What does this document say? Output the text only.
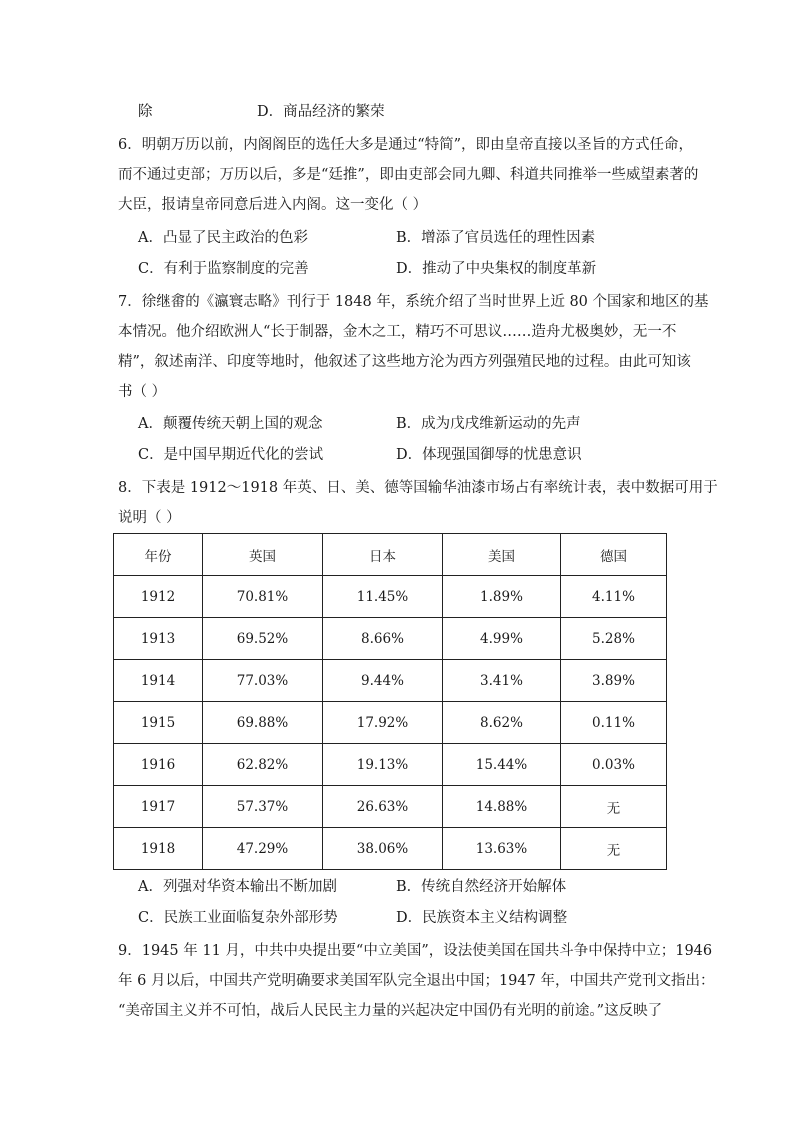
除	D．商品经济的繁荣
6．明朝万历以前，内阁阁臣的选任大多是通过“特简”，即由皇帝直接以圣旨的方式任命，
而不通过吏部；万历以后，多是“廷推”，即由吏部会同九卿、科道共同推举一些威望素著的
大臣，报请皇帝同意后进入内阁。这一变化（ ）
A．凸显了民主政治的色彩	B．增添了官员选任的理性因素
C．有利于监察制度的完善	D．推动了中央集权的制度革新
7．徐继畬的《瀛寰志略》刊行于 1848 年，系统介绍了当时世界上近 80 个国家和地区的基
本情况。他介绍欧洲人“长于制器，金木之工，精巧不可思议……造舟尤极奥妙，无一不
精”，叙述南洋、印度等地时，他叙述了这些地方沦为西方列强殖民地的过程。由此可知该
书（ ）
A．颠覆传统天朝上国的观念	B．成为戊戌维新运动的先声
C．是中国早期近代化的尝试	D．体现强国御辱的忧患意识
8．下表是 1912～1918 年英、日、美、德等国输华油漆市场占有率统计表，表中数据可用于
说明（ ）
年份	英国	日本	美国	德国
1912	70.81%	11.45%	1.89%	4.11%
1913	69.52%	8.66%	4.99%	5.28%
1914	77.03%	9.44%	3.41%	3.89%
1915	69.88%	17.92%	8.62%	0.11%
1916	62.82%	19.13%	15.44%	0.03%
1917	57.37%	26.63%	14.88%	无
1918	47.29%	38.06%	13.63%	无
A．列强对华资本输出不断加剧	B．传统自然经济开始解体
C．民族工业面临复杂外部形势	D．民族资本主义结构调整
9．1945 年 11 月，中共中央提出要“中立美国”，设法使美国在国共斗争中保持中立；1946
年 6 月以后，中国共产党明确要求美国军队完全退出中国；1947 年，中国共产党刊文指出：
“美帝国主义并不可怕，战后人民民主力量的兴起决定中国仍有光明的前途。”这反映了
